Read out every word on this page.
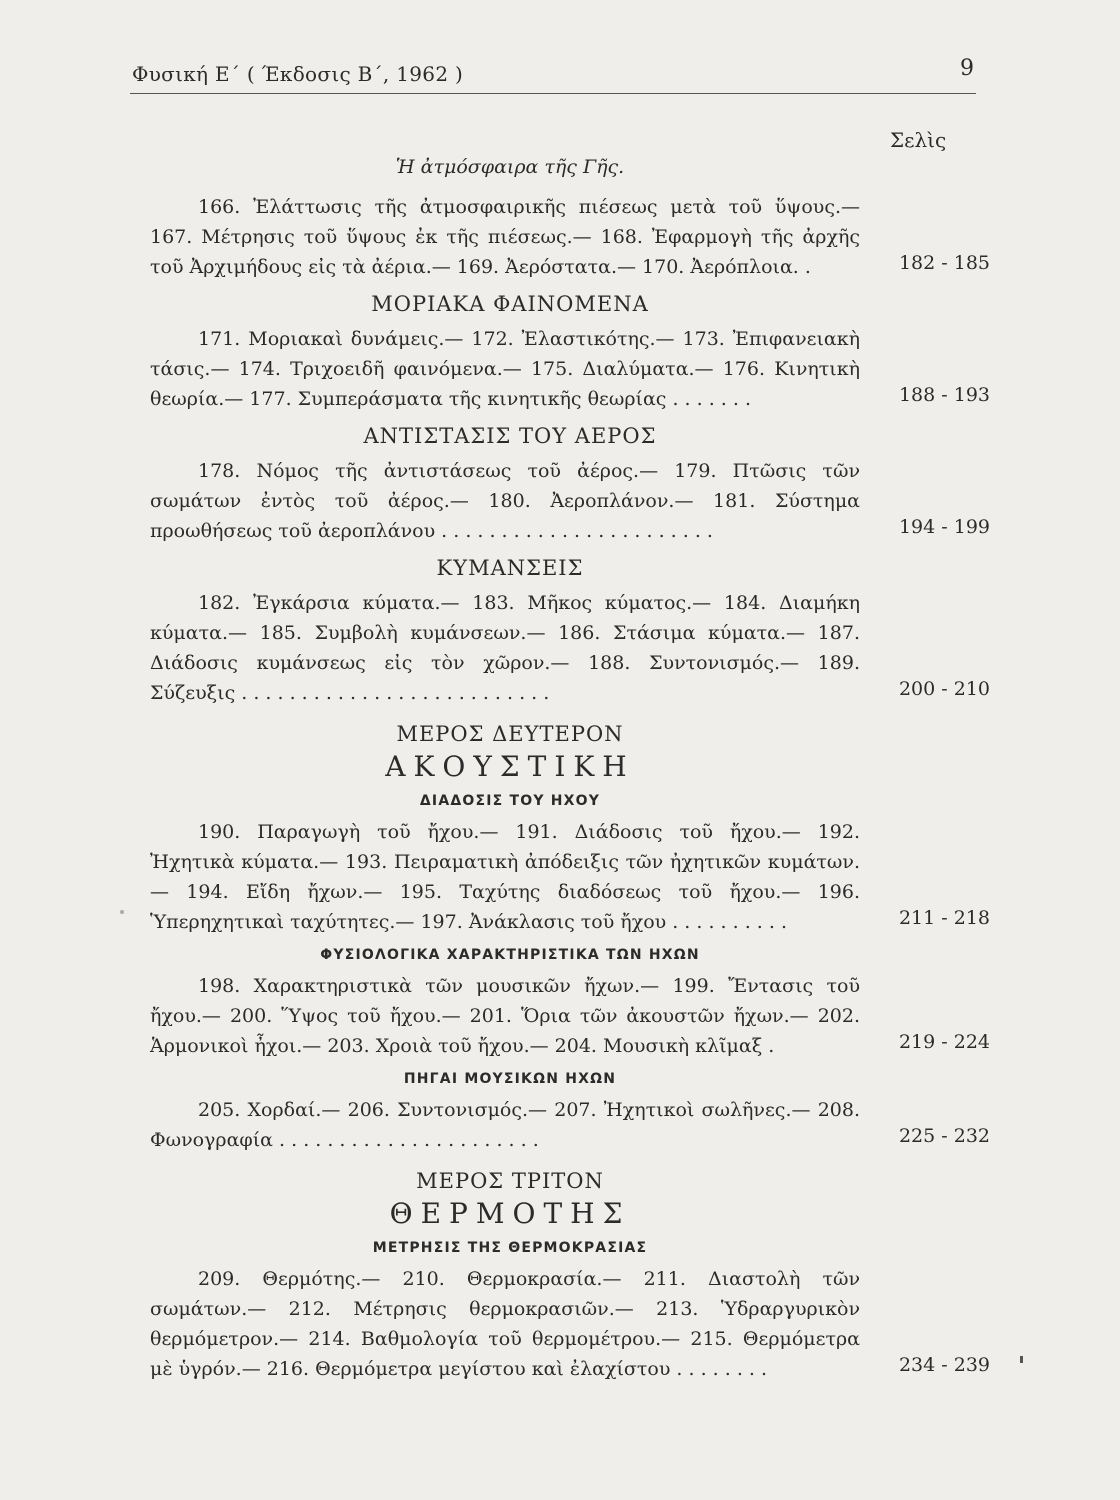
Φυσική Ε΄ ( Έκδοσις Β΄, 1962 )	9
Σελὶς
Ἡ ἀτμόσφαιρα τῆς Γῆς.

166. Ἐλάττωσις τῆς ἀτμοσφαιρικῆς πιέσεως μετὰ τοῦ ὕψους.— 167. Μέτρησις τοῦ ὕψους ἐκ τῆς πιέσεως.— 168. Ἐφαρμογὴ τῆς ἀρχῆς τοῦ Ἀρχιμήδους εἰς τὰ ἀέρια.— 169. Ἀερόστατα.— 170. Ἀερόπλοια. .	182 - 185
ΜΟΡΙΑΚΑ ΦΑΙΝΟΜΕΝΑ

171. Μοριακαὶ δυνάμεις.— 172. Ἐλαστικότης.— 173. Ἐπιφανειακὴ τάσις.— 174. Τριχοειδῆ φαινόμενα.— 175. Διαλύματα.— 176. Κινητικὴ θεωρία.— 177. Συμπεράσματα τῆς κινητικῆς θεωρίας . . . . . . .	188 - 193
ΑΝΤΙΣΤΑΣΙΣ ΤΟΥ ΑΕΡΟΣ

178. Νόμος τῆς ἀντιστάσεως τοῦ ἀέρος.— 179. Πτῶσις τῶν σωμάτων ἐντὸς τοῦ ἀέρος.— 180. Ἀεροπλάνον.— 181. Σύστημα προωθήσεως τοῦ ἀεροπλάνου . . . . . . . . . . . . . . . . . . . . . . .	194 - 199
ΚΥΜΑΝΣΕΙΣ

182. Ἐγκάρσια κύματα.— 183. Μῆκος κύματος.— 184. Διαμήκη κύματα.— 185. Συμβολὴ κυμάνσεων.— 186. Στάσιμα κύματα.— 187. Διάδοσις κυμάνσεως εἰς τὸν χῶρον.— 188. Συντονισμός.— 189. Σύζευξις . . . . . . . . . . . . . . . . . . . . . . . . . .	200 - 210
ΜΕΡΟΣ ΔΕΥΤΕΡΟΝ
ΑΚΟΥΣΤΙΚΗ
ΔΙΑΔΟΣΙΣ ΤΟΥ ΗΧΟΥ

190. Παραγωγὴ τοῦ ἤχου.— 191. Διάδοσις τοῦ ἤχου.— 192. Ἠχητικὰ κύματα.— 193. Πειραματικὴ ἀπόδειξις τῶν ἠχητικῶν κυμάτων.— 194. Εἴδη ἤχων.— 195. Ταχύτης διαδόσεως τοῦ ἤχου.— 196. Ὑπερηχητικαὶ ταχύτητες.— 197. Ἀνάκλασις τοῦ ἤχου . . . . . . . . . .	211 - 218
ΦΥΣΙΟΛΟΓΙΚΑ ΧΑΡΑΚΤΗΡΙΣΤΙΚΑ ΤΩΝ ΗΧΩΝ

198. Χαρακτηριστικὰ τῶν μουσικῶν ἤχων.— 199. Ἔντασις τοῦ ἤχου.— 200. Ὕψος τοῦ ἤχου.— 201. Ὅρια τῶν ἀκουστῶν ἤχων.— 202. Ἁρμονικοὶ ἦχοι.— 203. Χροιὰ τοῦ ἤχου.— 204. Μουσικὴ κλῖμαξ .	219 - 224
ΠΗΓΑΙ ΜΟΥΣΙΚΩΝ ΗΧΩΝ

205. Χορδαί.— 206. Συντονισμός.— 207. Ἠχητικοὶ σωλῆνες.— 208. Φωνογραφία . . . . . . . . . . . . . . . . . . . . . .	225 - 232
ΜΕΡΟΣ ΤΡΙΤΟΝ
ΘΕΡΜΟΤΗΣ
ΜΕΤΡΗΣΙΣ ΤΗΣ ΘΕΡΜΟΚΡΑΣΙΑΣ

209. Θερμότης.— 210. Θερμοκρασία.— 211. Διαστολὴ τῶν σωμάτων.— 212. Μέτρησις θερμοκρασιῶν.— 213. Ὑδραργυρικὸν θερμόμετρον.— 214. Βαθμολογία τοῦ θερμομέτρου.— 215. Θερμόμετρα μὲ ὑγρόν.— 216. Θερμόμετρα μεγίστου καὶ ἐλαχίστου . . . . . . . .	234 - 239
